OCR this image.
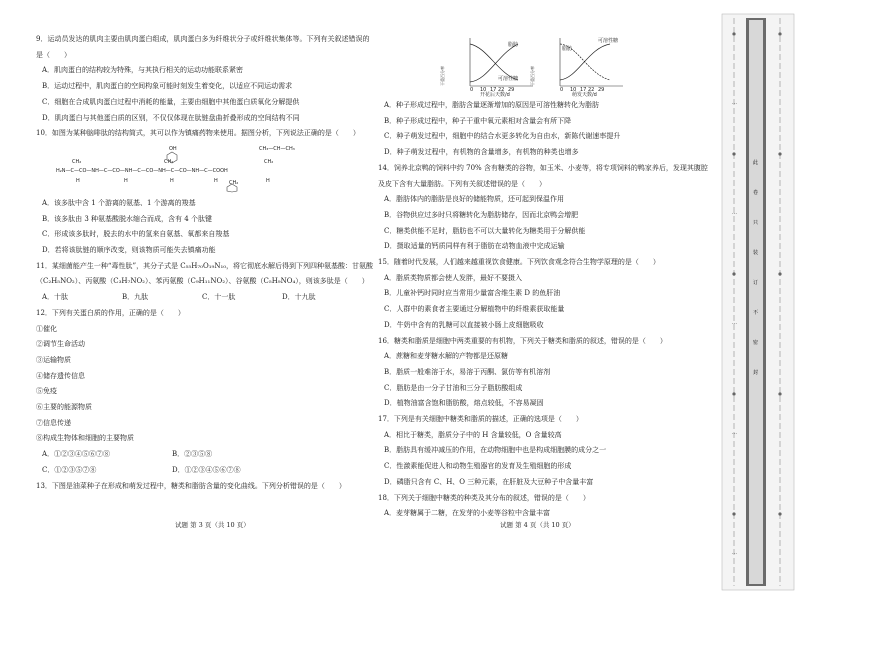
9．运动员发达的肌肉主要由肌肉蛋白组成，肌肉蛋白多为纤维状分子或纤维状集体等。下列有关叙述错误的

是（　　）

A．肌肉蛋白的结构较为特殊，与其执行相关的运动功能联系紧密

B．运动过程中，肌肉蛋白的空间构象可能时刻发生着变化，以适应不同运动需求

C．细胞在合成肌肉蛋白过程中消耗的能量，主要由细胞中其他蛋白质氧化分解提供

D．肌肉蛋白与其他蛋白质的区别，不仅仅体现在肽链盘曲折叠形成的空间结构不同

10．如图为某种脑啡肽的结构简式，其可以作为镇痛药物来使用。据图分析，下列说法正确的是（　　）

OH	CH₃—CH—CH₃
H₂N—C—CO—NH—C—CO—NH—C—CO—NH—C—CO—NH—C—COOH
CH₂	CH₂
CH₂
CH₂
H	H	H	H	H

A．该多肽中含 1 个游离的氨基、1 个游离的羧基

B．该多肽由 3 种氨基酸脱水缩合而成，含有 4 个肽键

C．形成该多肽时，脱去的水中的氢来自氨基、氧都来自羧基

D．若将该肽链的顺序改变，则该物质可能失去镇痛功能

11．某细菌能产生一种“毒性肽”，其分子式是 C₅₅H₇₀O₁₉N₁₀，将它彻底水解后得到下列四种氨基酸：甘氨酸

（C₂H₅NO₂）、丙氨酸（C₃H₇NO₂）、苯丙氨酸（C₉H₁₁NO₂）、谷氨酸（C₅H₉NO₄），则该多肽是（　　）

A．十肽	B．九肽	C．十一肽	D．十九肽

12．下列有关蛋白质的作用，正确的是（　　）

①催化

②调节生命活动

③运输物质

④储存遗传信息

⑤免疫

⑥主要的能源物质

⑦信息传递

⑧构成生物体和细胞的主要物质

A．①②③④⑤⑥⑦⑧	B．②③⑤⑧

C．①②③⑤⑦⑧	D．①②③④⑤⑥⑦⑧

13．下图是油菜种子在形成和萌发过程中，糖类和脂肪含量的变化曲线。下列分析错误的是（　　）

试题 第 3 页（共 10 页）
干重百分率
脂肪
可溶性糖
0 10 17 22 29
开花后天数/d
干重百分率
可溶性糖
脂肪
0 10 17 22 29
萌发天数/d

A．种子形成过程中，脂肪含量逐渐增加的原因是可溶性糖转化为脂肪

B．种子形成过程中，种子干重中氧元素相对含量会有所下降

C．种子萌发过程中，细胞中的结合水更多转化为自由水，新陈代谢速率提升

D．种子萌发过程中，有机物的含量增多，有机物的种类也增多

14．饲养北京鸭的饲料中约 70% 含有糖类的谷物，如玉米、小麦等，将专项饲料的鸭家养后，发现其腹腔

及皮下含有大量脂肪。下列有关叙述错误的是（　　）

A．脂肪体内的脂肪是良好的储能物质，还可起到保温作用

B．谷物供应过多时只将糖转化为脂肪储存，因而北京鸭会增肥

C．糖类供能不足时，脂肪也不可以大量转化为糖类用于分解供能

D．摄取适量的钙质同样有利于脂肪在动物血液中完成运输

15．随着时代发展，人们越来越重视饮食健康。下列饮食观念符合生物学原理的是（　　）

A．脂质类物质都会使人发胖，最好不要摄入

B．儿童补钙时同时应当常用少量富含维生素 D 的鱼肝油

C．人群中的素食者主要通过分解植物中的纤维素获取能量

D．牛奶中含有的乳糖可以直接被小肠上皮细胞吸收

16．糖类和脂质是细胞中两类重要的有机物，下列关于糖类和脂质的叙述，错误的是（　　）

A．蔗糖和麦芽糖水解的产物都是还原糖

B．脂质一般难溶于水，易溶于丙酮、氯仿等有机溶剂

C．脂肪是由一分子甘油和三分子脂肪酸组成

D．植物油富含饱和脂肪酸，熔点较低，不容易凝固

17．下列是有关细胞中糖类和脂质的描述，正确的选项是（　　）

A．相比于糖类，脂质分子中的 H 含量较低，O 含量较高

B．脂肪具有缓冲减压的作用，在动物细胞中也是构成细胞膜的成分之一

C．性激素能促进人和动物生殖器官的发育及生殖细胞的形成

D．磷脂只含有 C、H、O 三种元素，在肝脏及大豆种子中含量丰富

18．下列关于细胞中糖类的种类及其分布的叙述，错误的是（　　）

A．麦芽糖属于二糖，在发芽的小麦等谷粒中含量丰富

试题 第 4 页（共 10 页）
…
…
…
…
…
此
卷
只
装
订
不
密
封
